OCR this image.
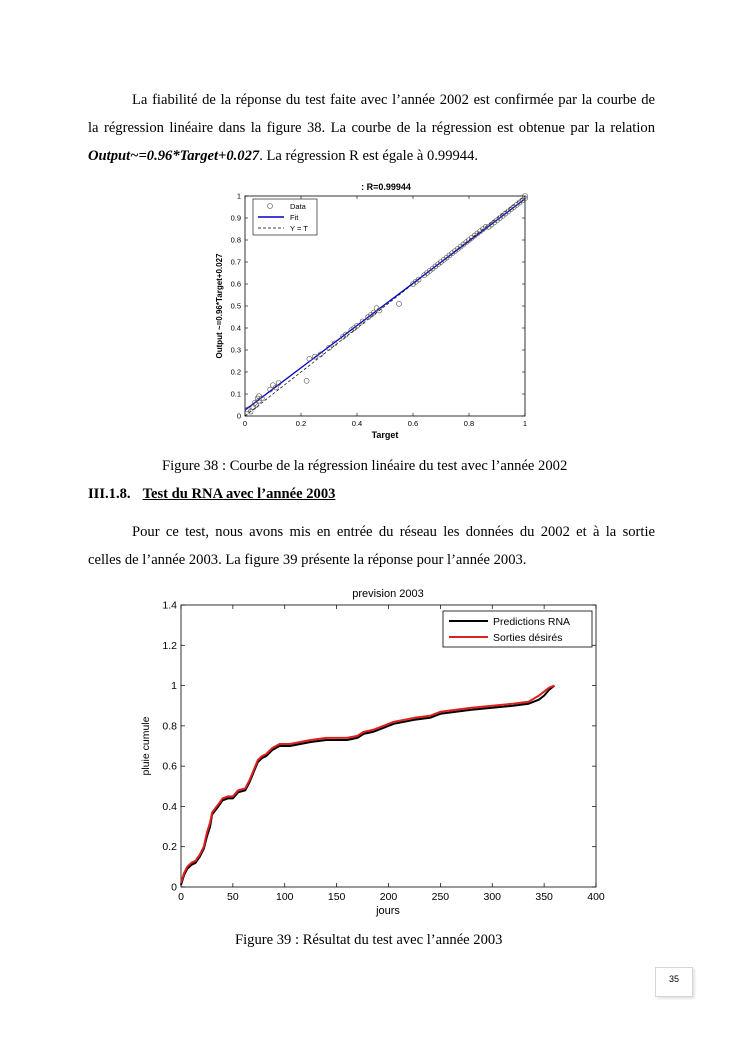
La fiabilité de la réponse du test faite avec l’année 2002 est confirmée par la courbe de
la régression linéaire dans la figure 38. La courbe de la régression est obtenue par la relation
Output~=0.96*Target+0.027. La régression R est égale à 0.99944.
: R=0.99944
0	0.2	0.4	0.6	0.8	1
0
0.1
0.2
0.3
0.4
0.5
0.6
0.7
0.8
0.9
1
Target
Output ~=0.96*Target+0.027
Data
Fit
Y = T
Figure 38 : Courbe de la régression linéaire du test avec l’année 2002
III.1.8. Test du RNA avec l’année 2003
Pour ce test, nous avons mis en entrée du réseau les données du 2002 et à la sortie
celles de l’année 2003. La figure 39 présente la réponse pour l’année 2003.
prevision 2003
0	50	100	150	200	250	300	350	400
0
0.2
0.4
0.6
0.8
1
1.2
1.4
jours
pluie cumule
Predictions RNA
Sorties désirés
Figure 39 : Résultat du test avec l’année 2003
35
